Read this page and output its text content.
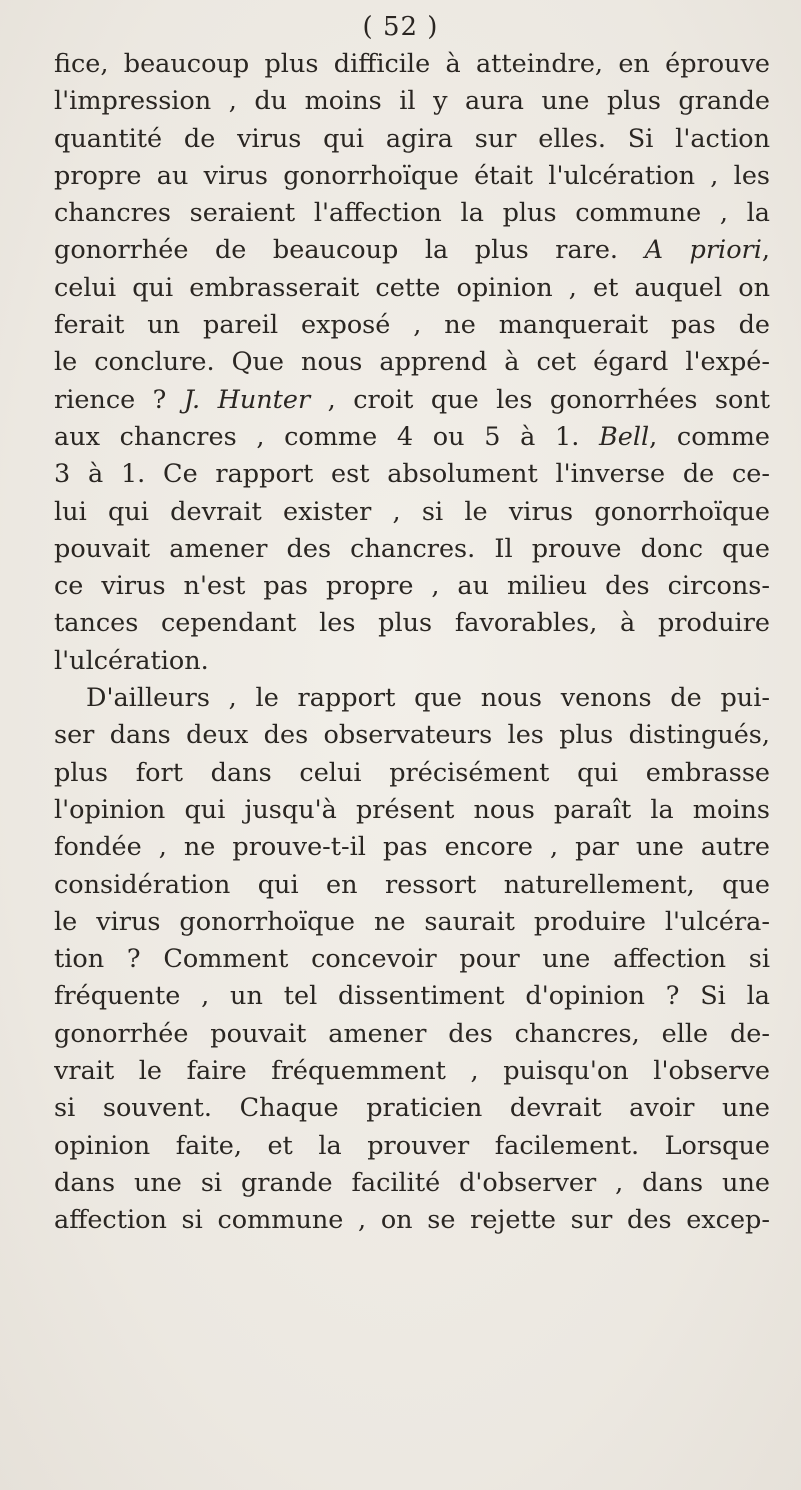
( 52 )
fice, beaucoup plus difficile à atteindre, en éprouve
l'impression , du moins il y aura une plus grande
quantité de virus qui agira sur elles. Si l'action
propre au virus gonorrhoïque était l'ulcération , les
chancres seraient l'affection la plus commune , la
gonorrhée de beaucoup la plus rare. A priori,
celui qui embrasserait cette opinion , et auquel on
ferait un pareil exposé , ne manquerait pas de
le conclure. Que nous apprend à cet égard l'expé-
rience ? J. Hunter , croit que les gonorrhées sont
aux chancres , comme 4 ou 5 à 1. Bell, comme
3 à 1. Ce rapport est absolument l'inverse de ce-
lui qui devrait exister , si le virus gonorrhoïque
pouvait amener des chancres. Il prouve donc que
ce virus n'est pas propre , au milieu des circons-
tances cependant les plus favorables, à produire
l'ulcération.
D'ailleurs , le rapport que nous venons de pui-
ser dans deux des observateurs les plus distingués,
plus fort dans celui précisément qui embrasse
l'opinion qui jusqu'à présent nous paraît la moins
fondée , ne prouve-t-il pas encore , par une autre
considération qui en ressort naturellement, que
le virus gonorrhoïque ne saurait produire l'ulcéra-
tion ? Comment concevoir pour une affection si
fréquente , un tel dissentiment d'opinion ? Si la
gonorrhée pouvait amener des chancres, elle de-
vrait le faire fréquemment , puisqu'on l'observe
si souvent. Chaque praticien devrait avoir une
opinion faite, et la prouver facilement. Lorsque
dans une si grande facilité d'observer , dans une
affection si commune , on se rejette sur des excep-
